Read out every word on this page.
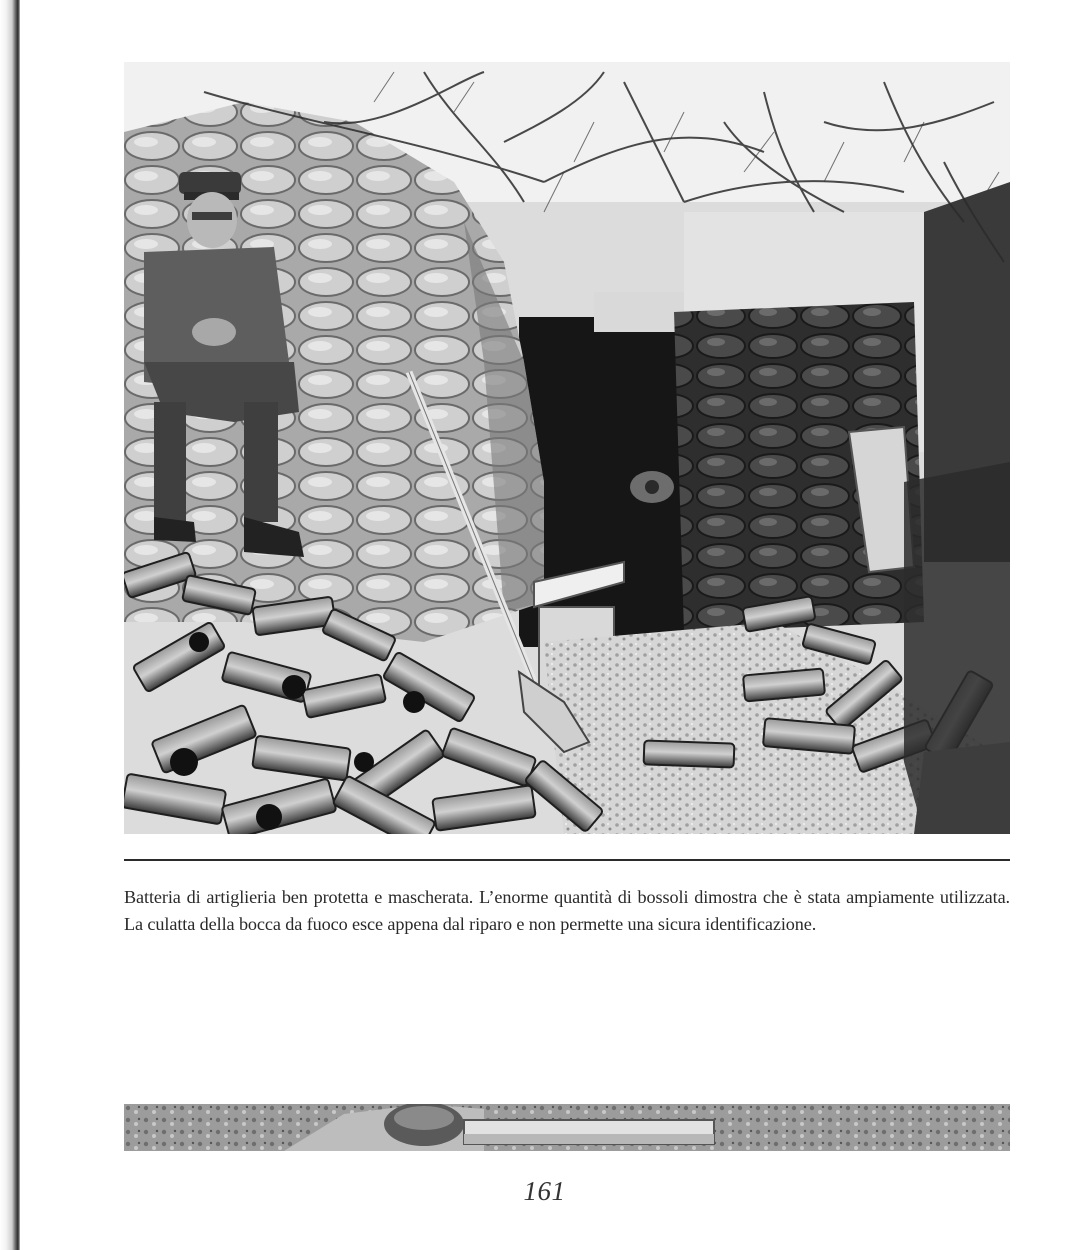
Batteria di artiglieria ben protetta e mascherata. L’enorme quantità di bossoli dimostra che è stata ampiamente utilizzata. La culatta della bocca da fuoco esce appena dal riparo e non permette una sicura identificazione.

161
